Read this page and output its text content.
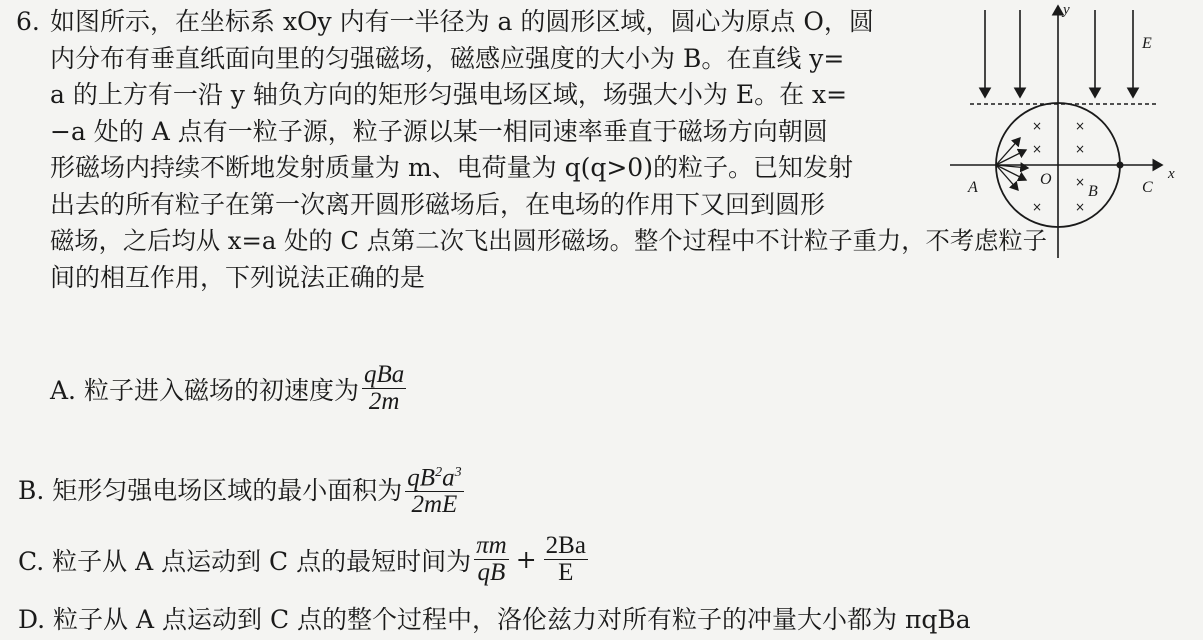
6. 如图所示，在坐标系 xOy 内有一半径为 a 的圆形区域，圆心为原点 O，圆
内分布有垂直纸面向里的匀强磁场，磁感应强度的大小为 B。在直线 y=
a 的上方有一沿 y 轴负方向的矩形匀强电场区域，场强大小为 E。在 x=
−a 处的 A 点有一粒子源，粒子源以某一相同速率垂直于磁场方向朝圆
形磁场内持续不断地发射质量为 m、电荷量为 q(q>0)的粒子。已知发射
出去的所有粒子在第一次离开圆形磁场后，在电场的作用下又回到圆形
磁场，之后均从 x=a 处的 C 点第二次飞出圆形磁场。整个过程中不计粒子重力，不考虑粒子
间的相互作用，下列说法正确的是

A. 粒子进入磁场的初速度为 $\frac{\text{qBa}}{2m}$
B. 矩形匀强电场区域的最小面积为 $\frac{qB^2a^3}{2mE}$
C. 粒子从 A 点运动到 C 点的最短时间为 $\frac{\pi m}{qB} + \frac{2Ba}{E}$
D. 粒子从 A 点运动到 C 点的整个过程中，洛伦兹力对所有粒子的冲量大小都为 πqBa
×	×
×	×
×
×	×
y
x
E
A	O
B	C
